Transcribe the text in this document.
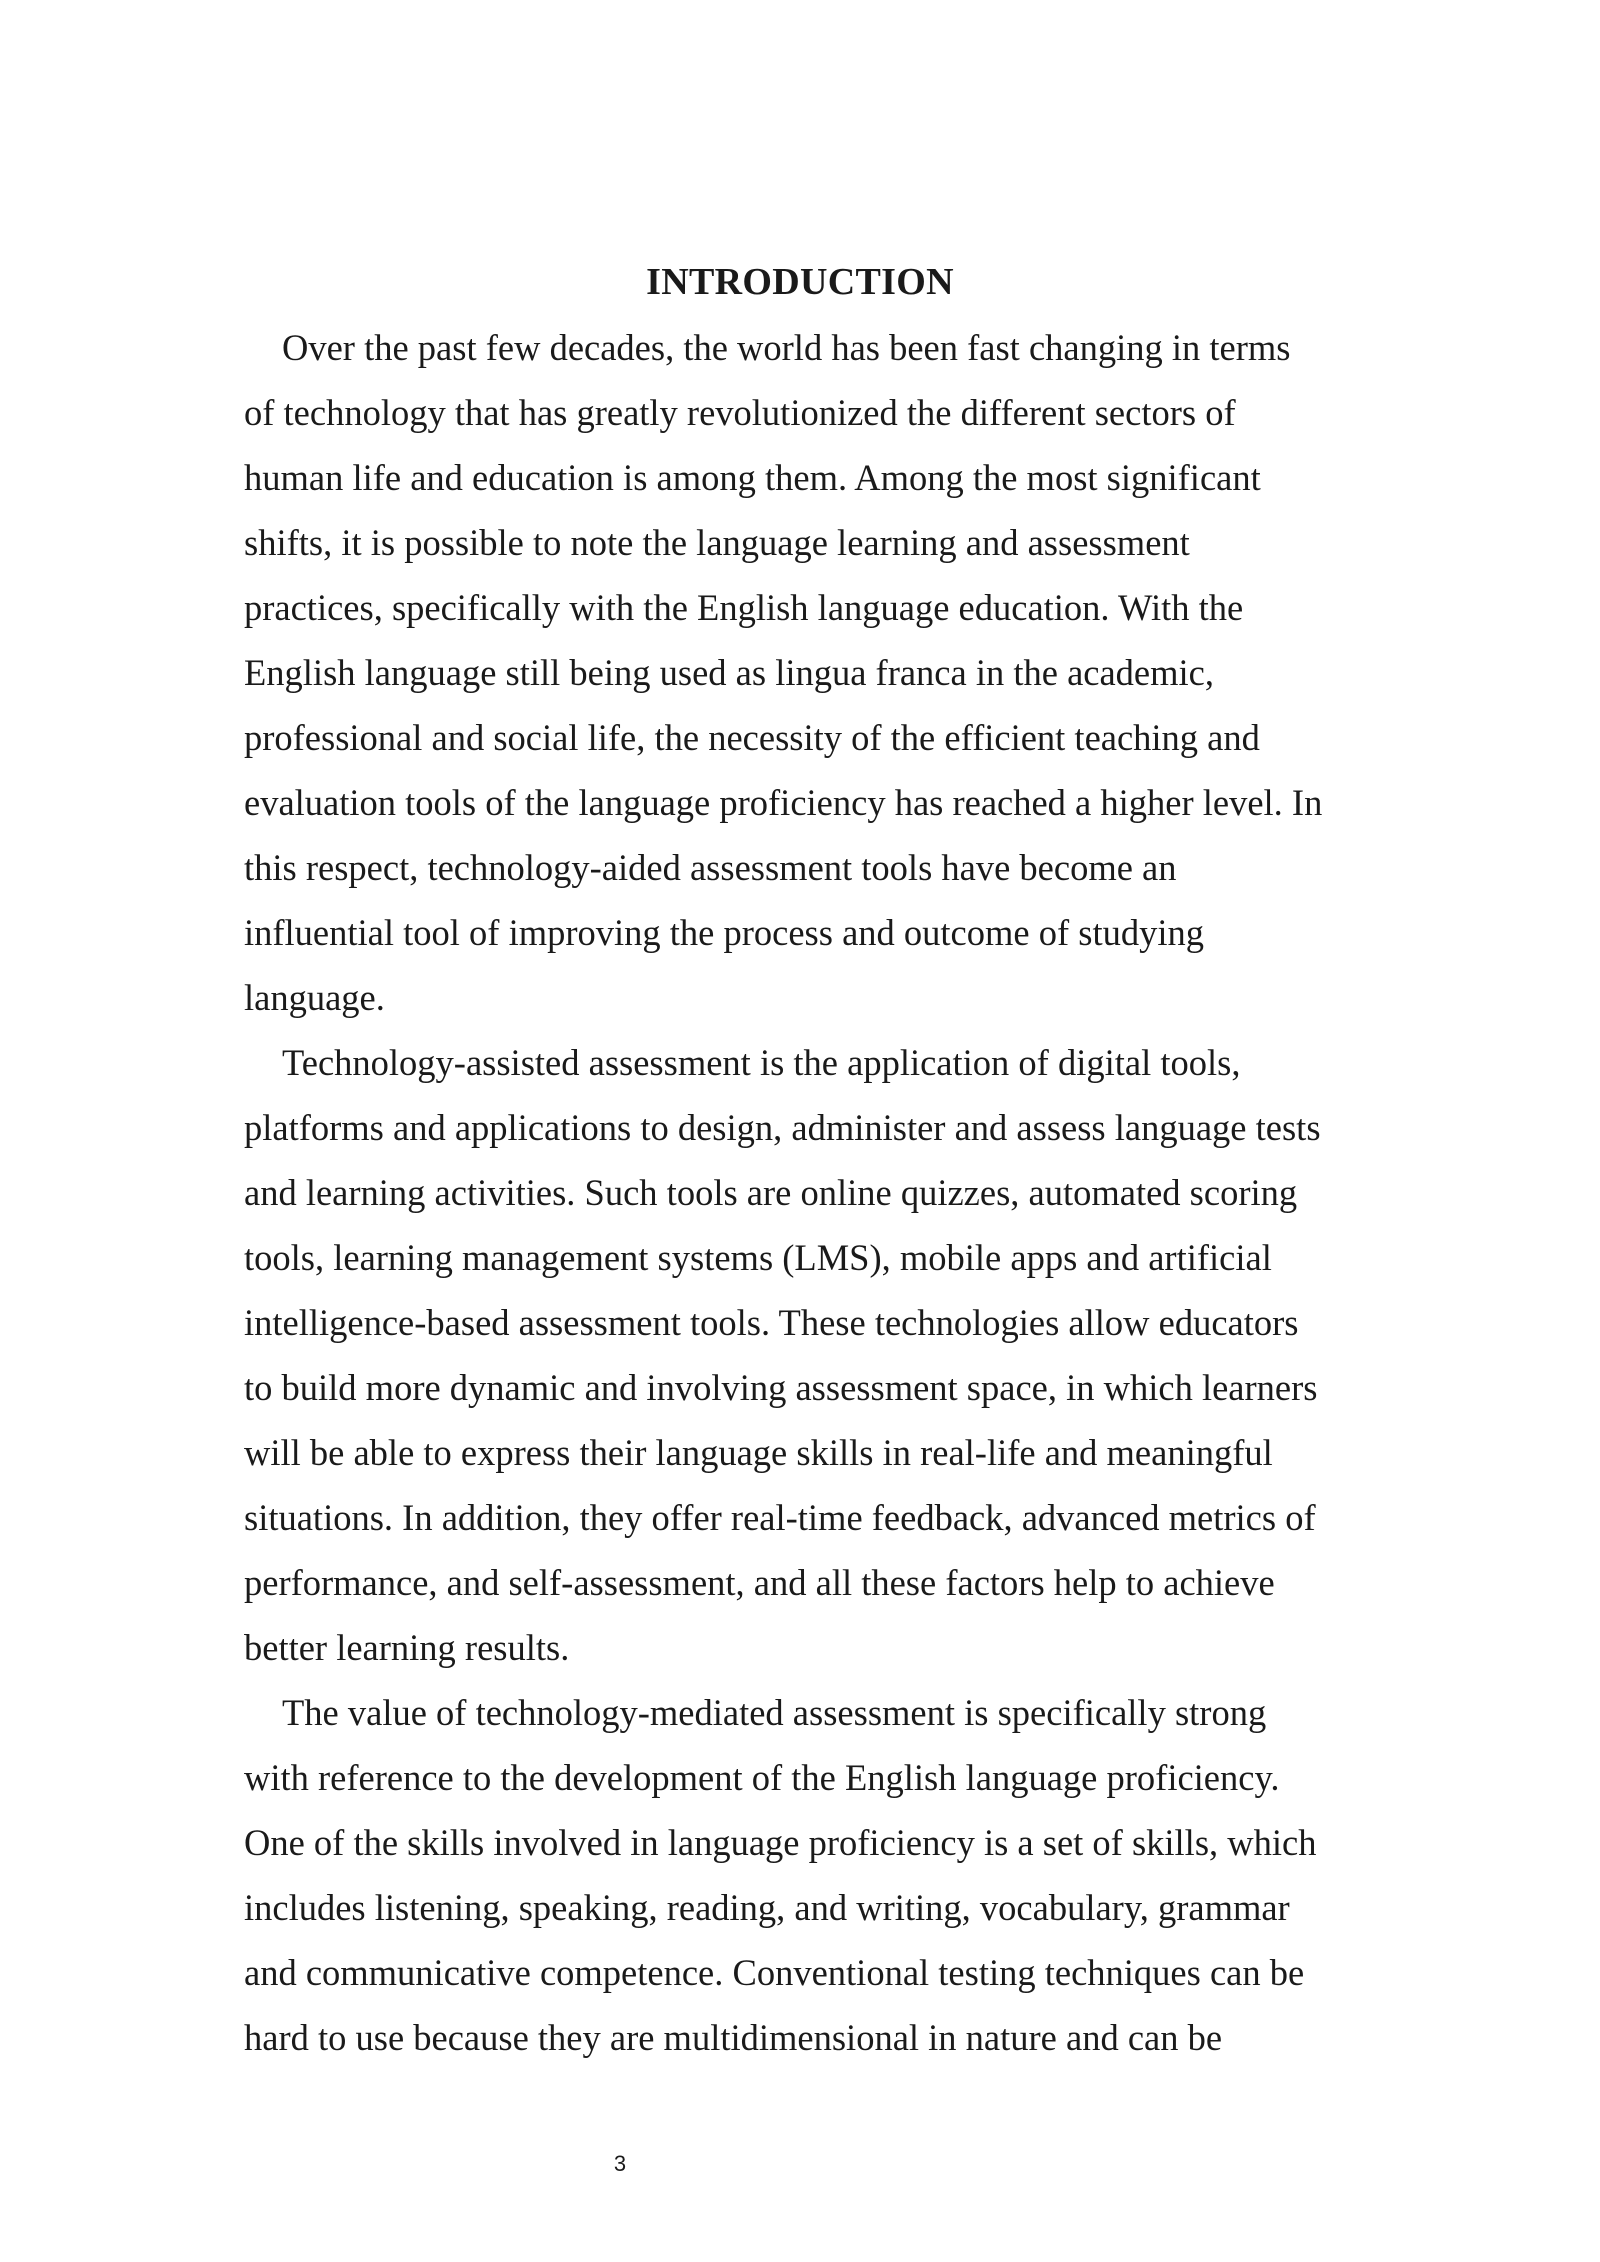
INTRODUCTION
Over the past few decades, the world has been fast changing in terms
of technology that has greatly revolutionized the different sectors of
human life and education is among them. Among the most significant
shifts, it is possible to note the language learning and assessment
practices, specifically with the English language education. With the
English language still being used as lingua franca in the academic,
professional and social life, the necessity of the efficient teaching and
evaluation tools of the language proficiency has reached a higher level. In
this respect, technology-aided assessment tools have become an
influential tool of improving the process and outcome of studying
language.
Technology-assisted assessment is the application of digital tools,
platforms and applications to design, administer and assess language tests
and learning activities. Such tools are online quizzes, automated scoring
tools, learning management systems (LMS), mobile apps and artificial
intelligence-based assessment tools. These technologies allow educators
to build more dynamic and involving assessment space, in which learners
will be able to express their language skills in real-life and meaningful
situations. In addition, they offer real-time feedback, advanced metrics of
performance, and self-assessment, and all these factors help to achieve
better learning results.
The value of technology-mediated assessment is specifically strong
with reference to the development of the English language proficiency.
One of the skills involved in language proficiency is a set of skills, which
includes listening, speaking, reading, and writing, vocabulary, grammar
and communicative competence. Conventional testing techniques can be
hard to use because they are multidimensional in nature and can be
3
